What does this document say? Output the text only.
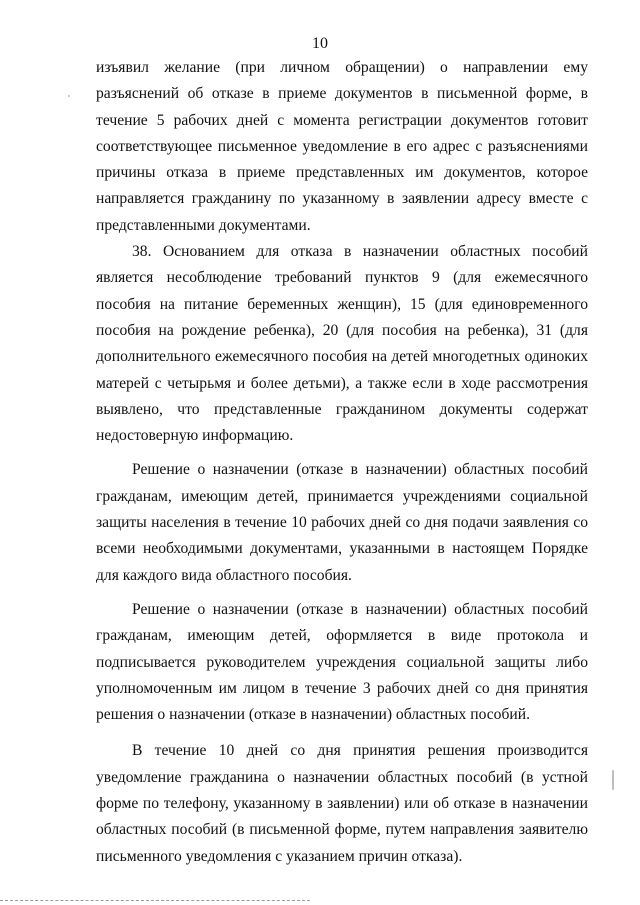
10

изъявил желание (при личном обращении) о направлении ему разъяснений об отказе в приеме документов в письменной форме, в течение 5 рабочих дней с момента регистрации документов готовит соответствующее письменное уведомление в его адрес с разъяснениями причины отказа в приеме представленных им документов, которое направляется гражданину по указанному в заявлении адресу вместе с представленными документами.

38. Основанием для отказа в назначении областных пособий является несоблюдение требований пунктов 9 (для ежемесячного пособия на питание беременных женщин), 15 (для единовременного пособия на рождение ребенка), 20 (для пособия на ребенка), 31 (для дополнительного ежемесячного пособия на детей многодетных одиноких матерей с четырьмя и более детьми), а также если в ходе рассмотрения выявлено, что представленные гражданином документы содержат недостоверную информацию.

Решение о назначении (отказе в назначении) областных пособий гражданам, имеющим детей, принимается учреждениями социальной защиты населения в течение 10 рабочих дней со дня подачи заявления со всеми необходимыми документами, указанными в настоящем Порядке для каждого вида областного пособия.

Решение о назначении (отказе в назначении) областных пособий гражданам, имеющим детей, оформляется в виде протокола и подписывается руководителем учреждения социальной защиты либо уполномоченным им лицом в течение 3 рабочих дней со дня принятия решения о назначении (отказе в назначении) областных пособий.

В течение 10 дней со дня принятия решения производится уведомление гражданина о назначении областных пособий (в устной форме по телефону, указанному в заявлении) или об отказе в назначении областных пособий (в письменной форме, путем направления заявителю письменного уведомления с указанием причин отказа).
